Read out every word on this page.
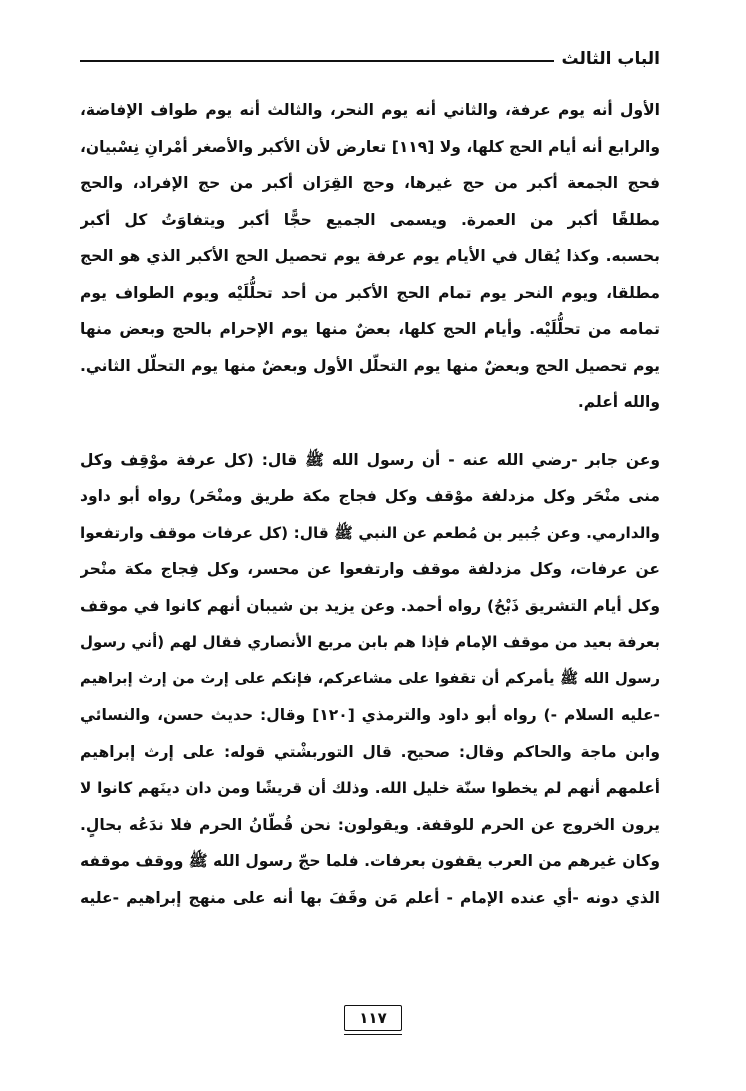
الباب الثالث

الأول أنه يوم عرفة، والثاني أنه يوم النحر، والثالث أنه يوم طواف الإفاضة،
والرابع أنه أيام الحج كلها، ولا [١١٩] تعارض لأن الأكبر والأصغر أمْرانِ نِسْبيان،
فحج الجمعة أكبر من حج غيرها، وحج القِرَان أكبر من حج الإفراد، والحج
مطلقًا أكبر من العمرة. ويسمى الجميع حجًّا أكبر ويتفاوَتُ كل أكبر
بحسبه. وكذا يُقال في الأيام يوم عرفة يوم تحصيل الحج الأكبر الذي هو الحج
مطلقا، ويوم النحر يوم تمام الحج الأكبر من أحد تحلُّلَيْه ويوم الطواف يوم
تمامه من تحلُّلَيْه. وأيام الحج كلها، بعضٌ منها يوم الإحرام بالحج وبعض منها
يوم تحصيل الحج وبعضٌ منها يوم التحلّل الأول وبعضٌ منها يوم التحلّل الثاني.
والله أعلم.

وعن جابر -رضي الله عنه - أن رسول الله ﷺ قال: (كل عرفة موْقِف وكل
منى منْحَر وكل مزدلفة موْقف وكل فجاج مكة طريق ومنْحَر) رواه أبو داود
والدارمي. وعن جُبير بن مُطعم عن النبي ﷺ قال: (كل عرفات موقف وارتفعوا
عن عرفات، وكل مزدلفة موقف وارتفعوا عن محسر، وكل فِجاج مكة منْحر
وكل أيام التشريق ذَبْحُ) رواه أحمد. وعن يزيد بن شيبان أنهم كانوا في موقف
بعرفة بعيد من موقف الإمام فإذا هم بابن مربع الأنصاري فقال لهم (أني رسول
رسول الله ﷺ يأمركم أن تقفوا على مشاعركم، فإنكم على إرث من إرث إبراهيم
-عليه السلام -) رواه أبو داود والترمذي [١٢٠] وقال: حديث حسن، والنسائي
وابن ماجة والحاكم وقال: صحيح. قال التوربشْتي قوله: على إرث إبراهيم
أعلمهم أنهم لم يخطوا سنّة خليل الله. وذلك أن قريشًا ومن دان دينَهم كانوا لا
يرون الخروج عن الحرم للوقفة. ويقولون: نحن قُطّانُ الحرم فلا ندَعُه بحالٍ.
وكان غيرهم من العرب يقفون بعرفات. فلما حجّ رسول الله ﷺ ووقف موقفه
الذي دونه -أي عنده الإمام - أعلم مَن وقَفَ بها أنه على منهج إبراهيم -عليه

١١٧
